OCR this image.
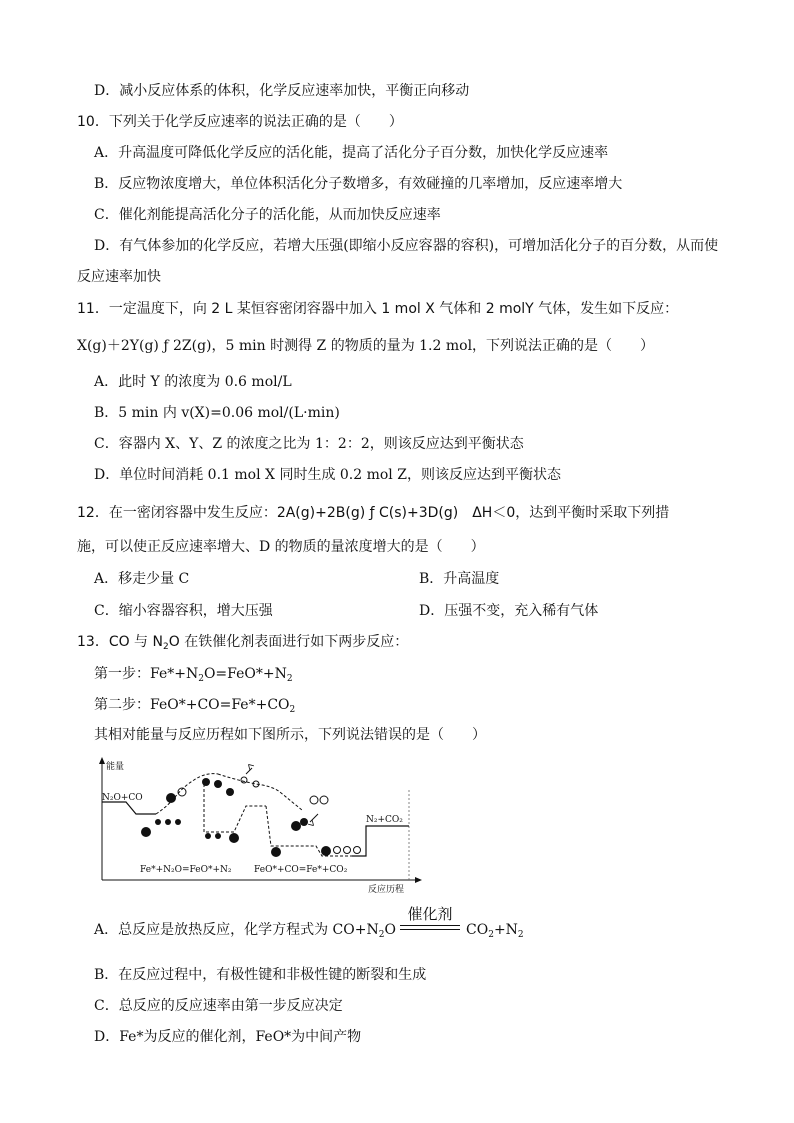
D．减小反应体系的体积，化学反应速率加快，平衡正向移动
10．下列关于化学反应速率的说法正确的是（　　）
A．升高温度可降低化学反应的活化能，提高了活化分子百分数，加快化学反应速率
B．反应物浓度增大，单位体积活化分子数增多，有效碰撞的几率增加，反应速率增大
C．催化剂能提高活化分子的活化能，从而加快反应速率
D．有气体参加的化学反应，若增大压强(即缩小反应容器的容积)，可增加活化分子的百分数，从而使
反应速率加快
11．一定温度下，向 2 L 某恒容密闭容器中加入 1 mol X 气体和 2 molY 气体，发生如下反应：
X(g)＋2Y(g) ƒ 2Z(g)，5 min 时测得 Z 的物质的量为 1.2 mol，下列说法正确的是（　　）
A．此时 Y 的浓度为 0.6 mol/L
B．5 min 内 v(X)=0.06 mol/(L·min)
C．容器内 X、Y、Z 的浓度之比为 1：2：2，则该反应达到平衡状态
D．单位时间消耗 0.1 mol X 同时生成 0.2 mol Z，则该反应达到平衡状态
12．在一密闭容器中发生反应：2A(g)+2B(g) ƒ C(s)+3D(g)　ΔH＜0，达到平衡时采取下列措
施，可以使正反应速率增大、D 的物质的量浓度增大的是（　　）
A．移走少量 C	B．升高温度
C．缩小容器容积，增大压强	D．压强不变，充入稀有气体
13．CO 与 $N_2O$ 在铁催化剂表面进行如下两步反应：
第一步：$Fe*+N_2O=FeO*+N_2$
第二步：$FeO*+CO=Fe*+CO_2$
其相对能量与反应历程如下图所示，下列说法错误的是（　　）
能量
反应历程
N₂O+CO
N₂+CO₂
Fe*+N₂O=FeO*+N₂ FeO*+CO=Fe*+CO₂
催化剂
A．总反应是放热反应，化学方程式为 $CO+N_2O$	$CO_2+N_2$
B．在反应过程中，有极性键和非极性键的断裂和生成
C．总反应的反应速率由第一步反应决定
D．Fe*为反应的催化剂，FeO*为中间产物
